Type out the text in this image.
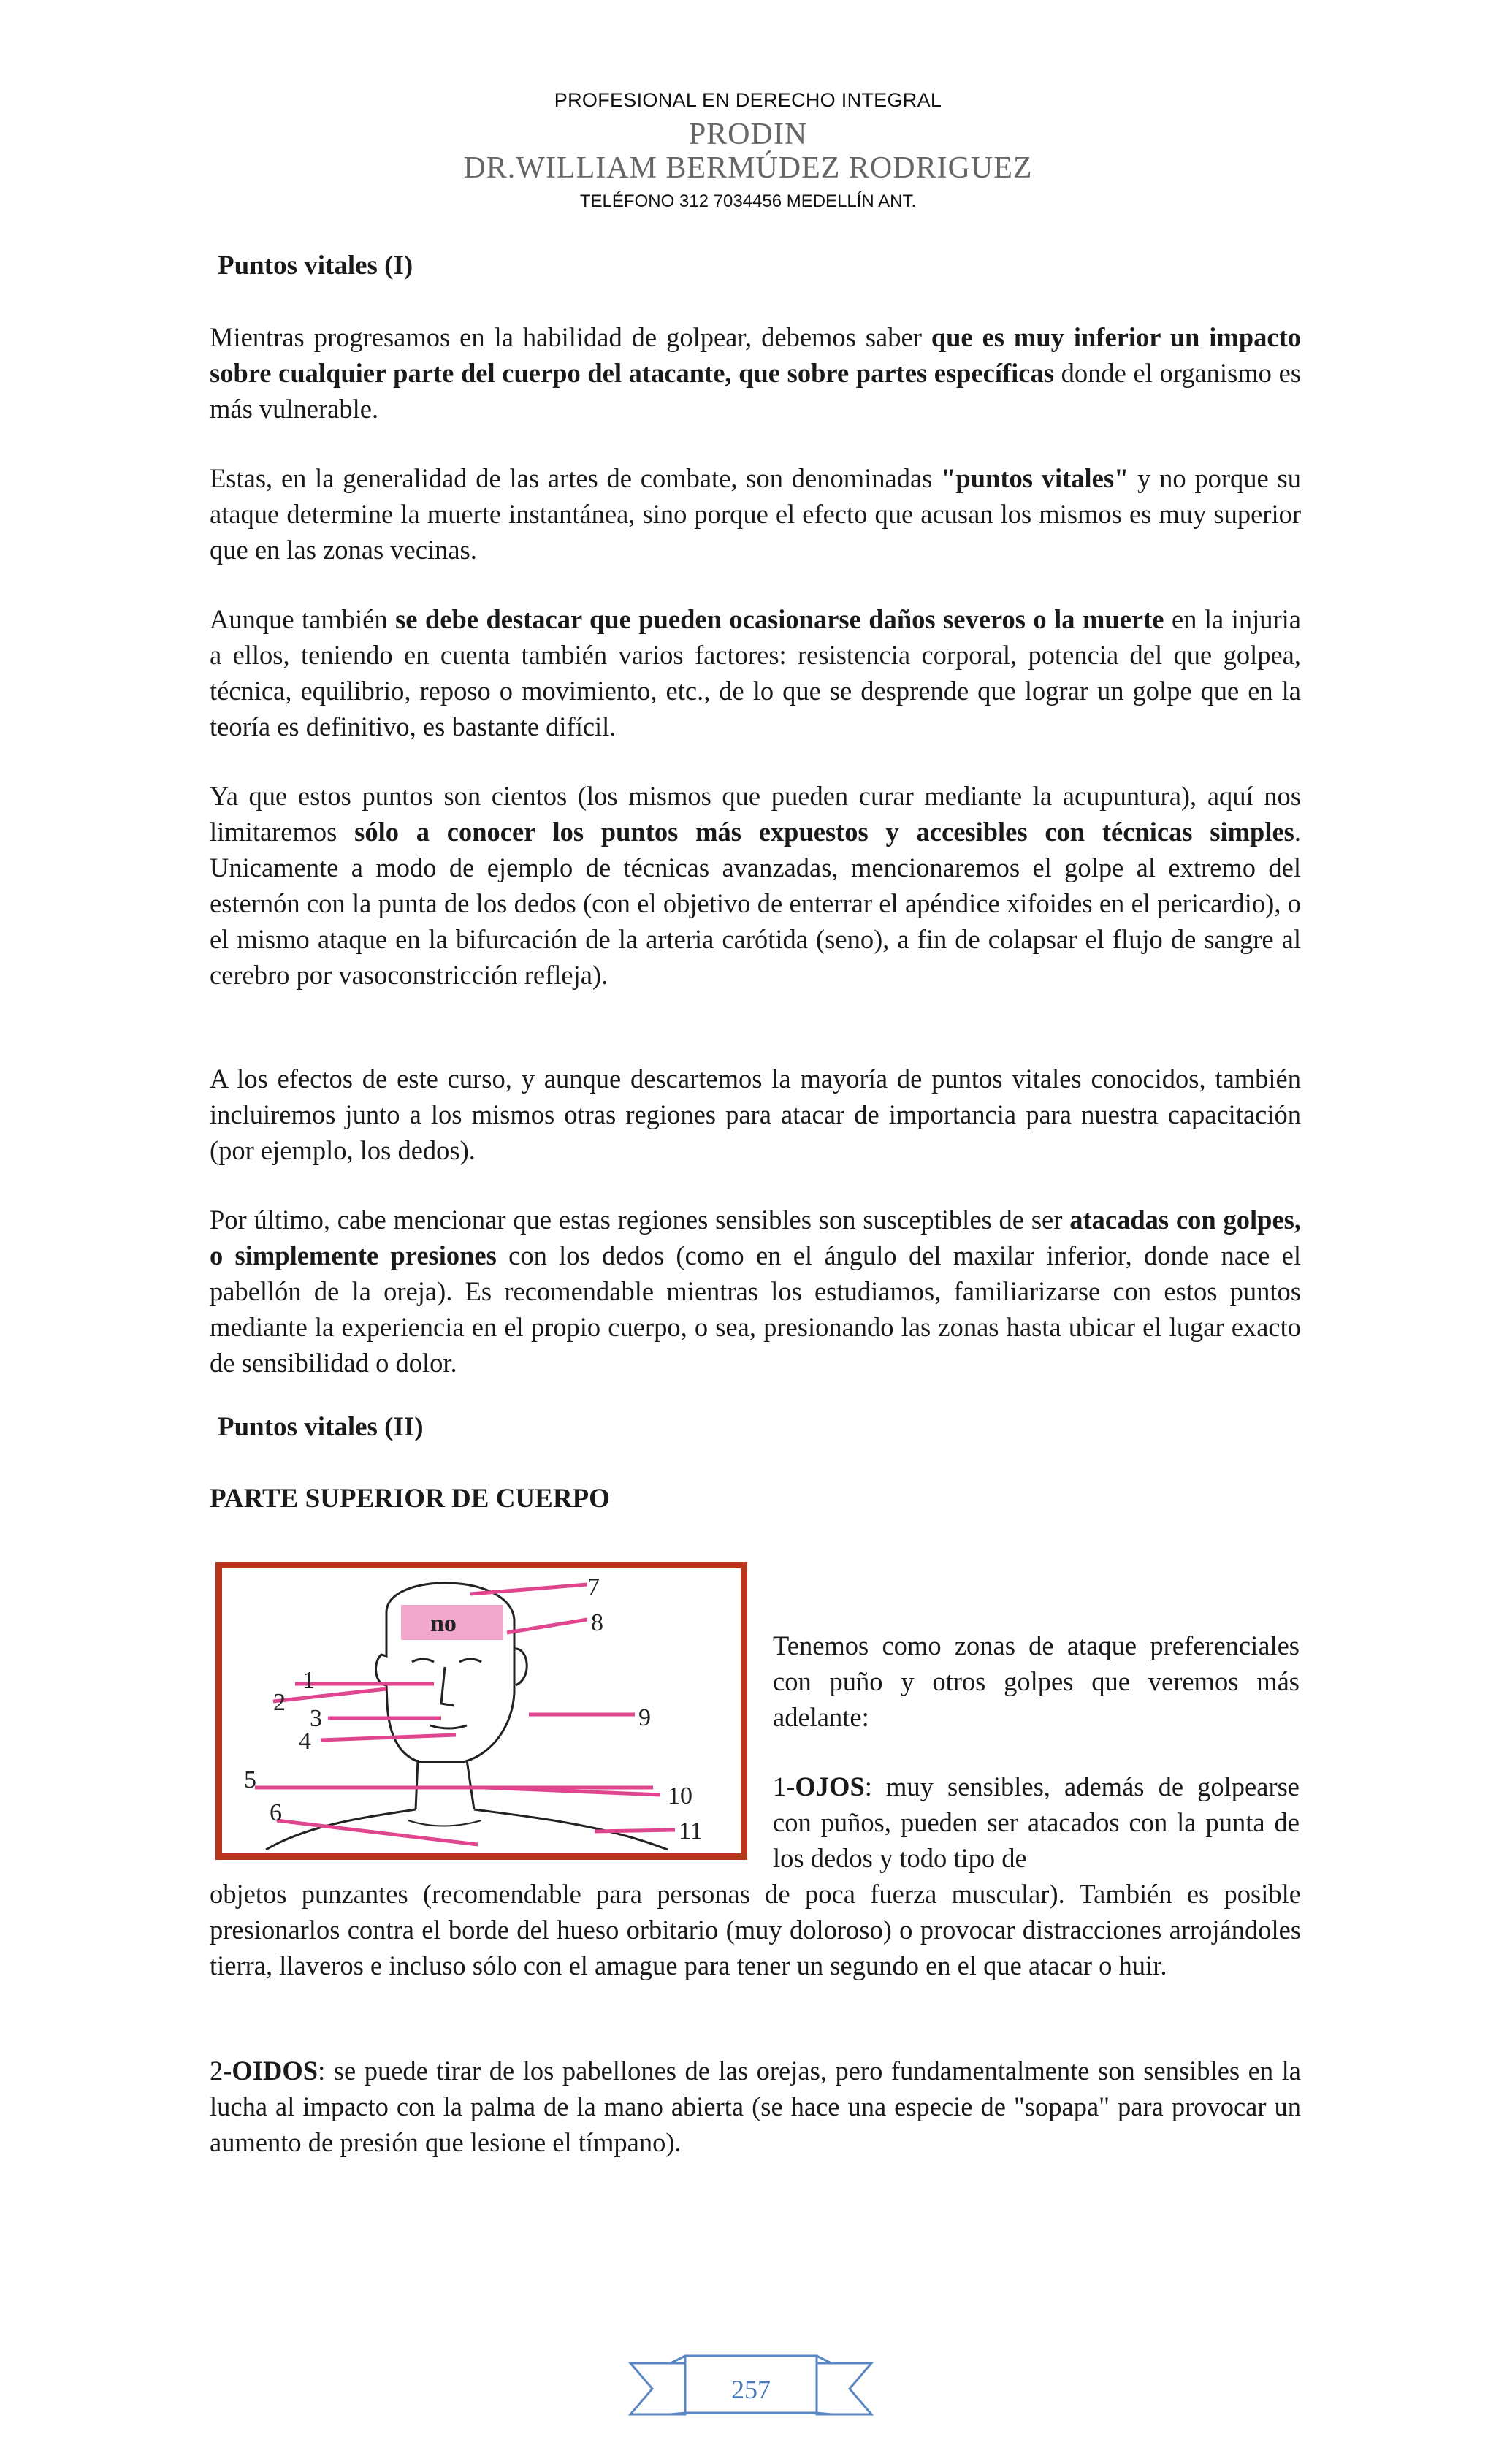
PROFESIONAL EN DERECHO INTEGRAL
PRODIN
DR.WILLIAM BERMÚDEZ RODRIGUEZ
TELÉFONO 312 7034456 MEDELLÍN ANT.
Puntos vitales (I)

Mientras progresamos en la habilidad de golpear, debemos saber que es muy inferior un impacto sobre cualquier parte del cuerpo del atacante, que sobre partes específicas donde el organismo es más vulnerable.

Estas, en la generalidad de las artes de combate, son denominadas "puntos vitales" y no porque su ataque determine la muerte instantánea, sino porque el efecto que acusan los mismos es muy superior que en las zonas vecinas.

Aunque también se debe destacar que pueden ocasionarse daños severos o la muerte en la injuria a ellos, teniendo en cuenta también varios factores: resistencia corporal, potencia del que golpea, técnica, equilibrio, reposo o movimiento, etc., de lo que se desprende que lograr un golpe que en la teoría es definitivo, es bastante difícil.

Ya que estos puntos son cientos (los mismos que pueden curar mediante la acupuntura), aquí nos limitaremos sólo a conocer los puntos más expuestos y accesibles con técnicas simples. Unicamente a modo de ejemplo de técnicas avanzadas, mencionaremos el golpe al extremo del esternón con la punta de los dedos (con el objetivo de enterrar el apéndice xifoides en el pericardio), o el mismo ataque en la bifurcación de la arteria carótida (seno), a fin de colapsar el flujo de sangre al cerebro por vasoconstricción refleja).

A los efectos de este curso, y aunque descartemos la mayoría de puntos vitales conocidos, también incluiremos junto a los mismos otras regiones para atacar de importancia para nuestra capacitación (por ejemplo, los dedos).

Por último, cabe mencionar que estas regiones sensibles son susceptibles de ser atacadas con golpes, o simplemente presiones con los dedos (como en el ángulo del maxilar inferior, donde nace el pabellón de la oreja). Es recomendable mientras los estudiamos, familiarizarse con estos puntos mediante la experiencia en el propio cuerpo, o sea, presionando las zonas hasta ubicar el lugar exacto de sensibilidad o dolor.

Puntos vitales (II)
PARTE SUPERIOR DE CUERPO
no
1
2
3
4
5
6
7
8
9
10
11
Tenemos como zonas de ataque preferenciales con puño y otros golpes que veremos más adelante:

1-OJOS: muy sensibles, además de golpearse con puños, pueden ser atacados con la punta de los dedos y todo tipo de

objetos punzantes (recomendable para personas de poca fuerza muscular). También es posible presionarlos contra el borde del hueso orbitario (muy doloroso) o provocar distracciones arrojándoles tierra, llaveros e incluso sólo con el amague para tener un segundo en el que atacar o huir.

2-OIDOS: se puede tirar de los pabellones de las orejas, pero fundamentalmente son sensibles en la lucha al impacto con la palma de la mano abierta (se hace una especie de "sopapa" para provocar un aumento de presión que lesione el tímpano).

257
